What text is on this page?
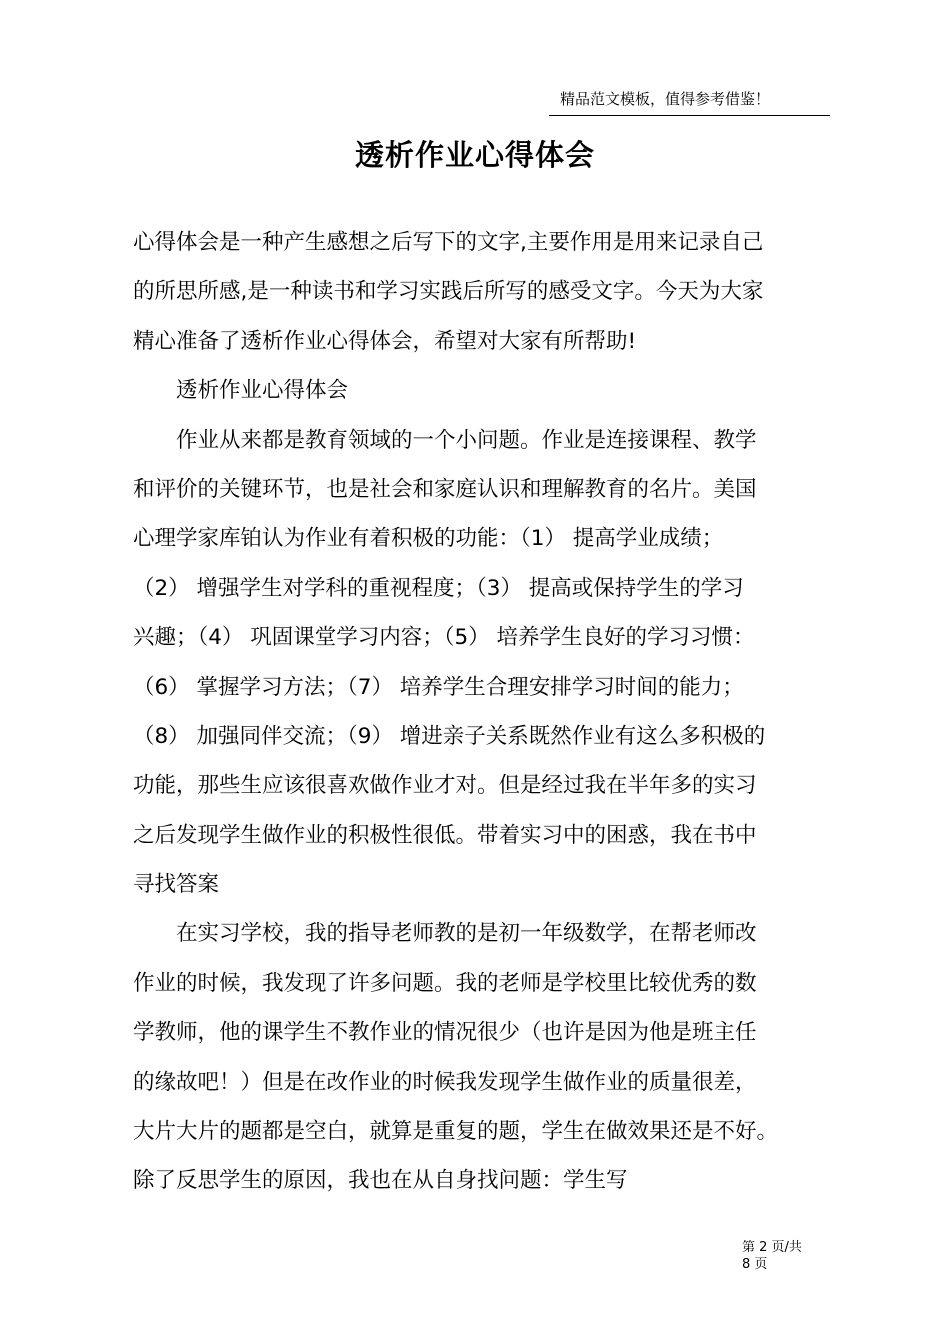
精品范文模板，值得参考借鉴！
透析作业心得体会
心得体会是一种产生感想之后写下的文字,主要作用是用来记录自己
的所思所感,是一种读书和学习实践后所写的感受文字。今天为大家
精心准备了透析作业心得体会，希望对大家有所帮助!
　　透析作业心得体会
　　作业从来都是教育领域的一个小问题。作业是连接课程、教学
和评价的关键环节，也是社会和家庭认识和理解教育的名片。美国
心理学家库铂认为作业有着积极的功能：（1） 提高学业成绩；
（2） 增强学生对学科的重视程度；（3） 提高或保持学生的学习
兴趣；（4） 巩固课堂学习内容；（5） 培养学生良好的学习习惯：
（6） 掌握学习方法；（7） 培养学生合理安排学习时间的能力；
（8） 加强同伴交流；（9） 增进亲子关系既然作业有这么多积极的
功能，那些生应该很喜欢做作业才对。但是经过我在半年多的实习
之后发现学生做作业的积极性很低。带着实习中的困惑，我在书中
寻找答案
　　在实习学校，我的指导老师教的是初一年级数学，在帮老师改
作业的时候，我发现了许多问题。我的老师是学校里比较优秀的数
学教师，他的课学生不教作业的情况很少（也许是因为他是班主任
的缘故吧！）但是在改作业的时候我发现学生做作业的质量很差，
大片大片的题都是空白，就算是重复的题，学生在做效果还是不好。
除了反思学生的原因，我也在从自身找问题：学生写
第 2 页/共
8 页
